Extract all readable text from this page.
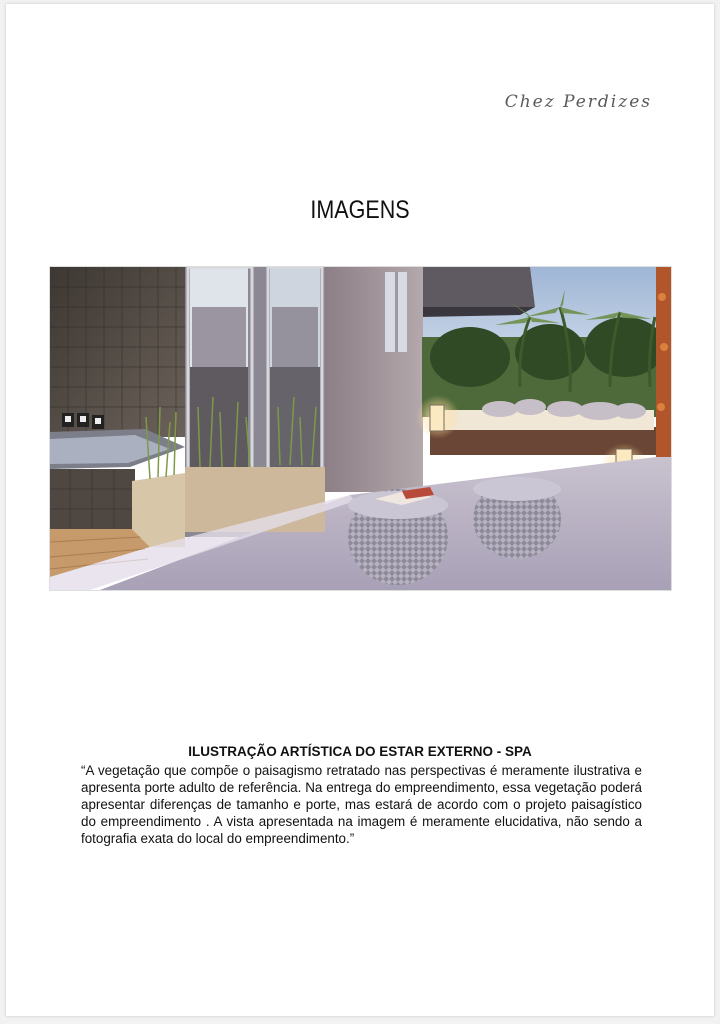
Chez Perdizes
IMAGENS
ILUSTRAÇÃO ARTÍSTICA DO ESTAR EXTERNO - SPA
“A vegetação que compõe o paisagismo retratado nas perspectivas é meramente ilustrativa e apresenta porte adulto de referência. Na entrega do empreendimento, essa vegetação poderá apresentar diferenças de tamanho e porte, mas estará de acordo com o projeto paisagístico do empreendimento . A vista apresentada na imagem é meramente elucidativa, não sendo a fotografia exata do local do empreendimento.”
